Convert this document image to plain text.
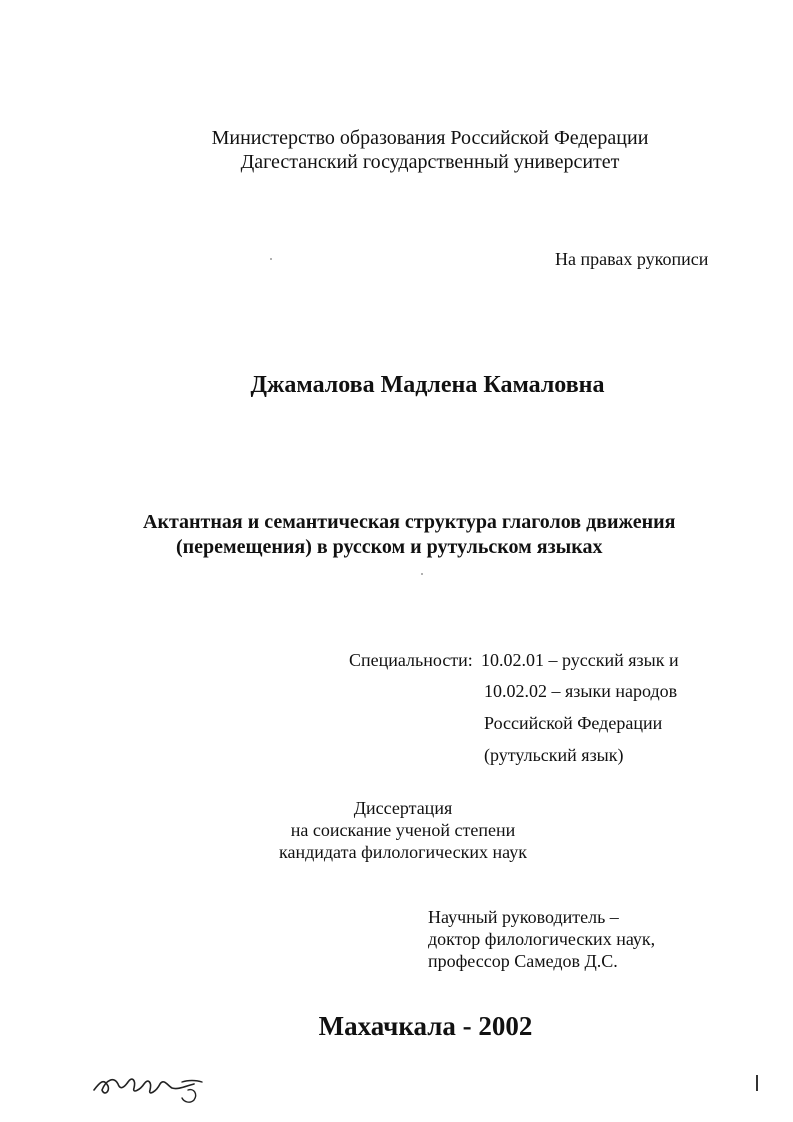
Министерство образования Российской Федерации
Дагестанский государственный университет
На правах рукописи
Джамалова Мадлена Камаловна
Актантная и семантическая структура глаголов движения
(перемещения) в русском и рутульском языках
Специальности: 10.02.01 – русский язык и
10.02.02 – языки народов
Российской Федерации
(рутульский язык)
Диссертация
на соискание ученой степени
кандидата филологических наук
Научный руководитель –
доктор филологических наук,
профессор Самедов Д.С.
Махачкала - 2002
